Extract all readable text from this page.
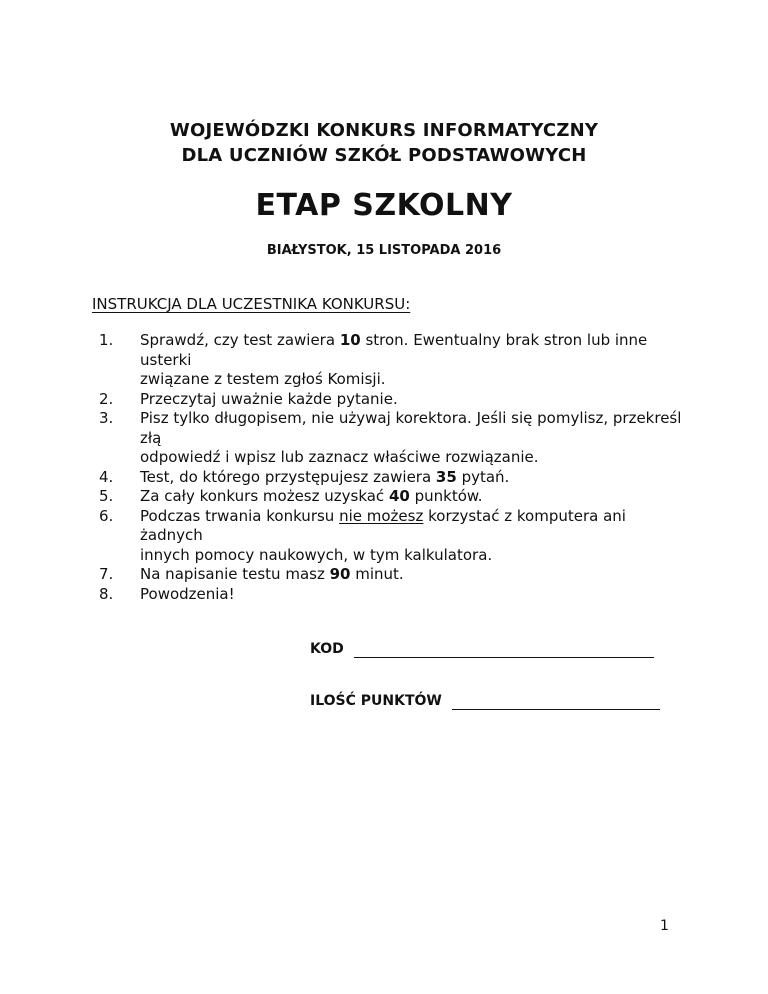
WOJEWÓDZKI KONKURS INFORMATYCZNY
DLA UCZNIÓW SZKÓŁ PODSTAWOWYCH
ETAP SZKOLNY
BIAŁYSTOK, 15 LISTOPADA 2016
INSTRUKCJA DLA UCZESTNIKA KONKURSU:
1. Sprawdź, czy test zawiera 10 stron. Ewentualny brak stron lub inne usterki
związane z testem zgłoś Komisji.
2. Przeczytaj uważnie każde pytanie.
3. Pisz tylko długopisem, nie używaj korektora. Jeśli się pomylisz, przekreśl złą
odpowiedź i wpisz lub zaznacz właściwe rozwiązanie.
4. Test, do którego przystępujesz zawiera 35 pytań.
5. Za cały konkurs możesz uzyskać 40 punktów.
6. Podczas trwania konkursu nie możesz korzystać z komputera ani żadnych
innych pomocy naukowych, w tym kalkulatora.
7. Na napisanie testu masz 90 minut.
8. Powodzenia!
KOD
ILOŚĆ PUNKTÓW
1
